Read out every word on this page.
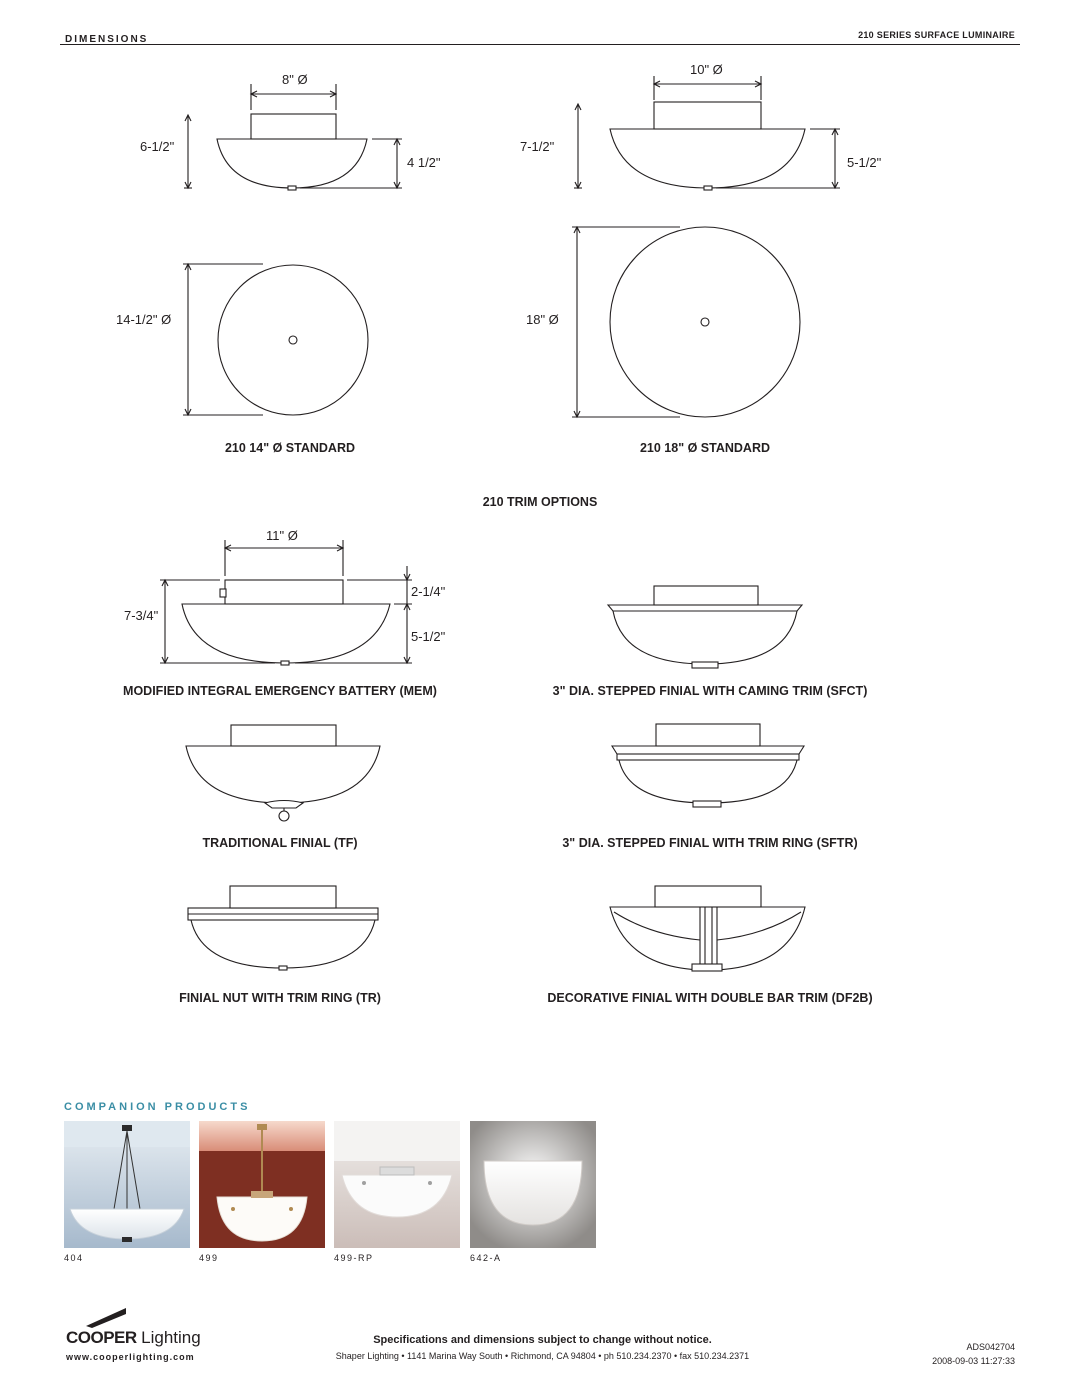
DIMENSIONS	210 SERIES SURFACE LUMINAIRE
8" Ø
6-1/2"
4 1/2"
10" Ø
7-1/2"
5-1/2"
14-1/2" Ø	18" Ø
11" Ø
7-3/4"
2-1/4"
5-1/2"
210 14" Ø STANDARD	210 18" Ø STANDARD
210 TRIM OPTIONS
MODIFIED INTEGRAL EMERGENCY BATTERY (MEM)	3" DIA. STEPPED FINIAL WITH CAMING TRIM (SFCT)
TRADITIONAL FINIAL (TF)	3" DIA. STEPPED FINIAL WITH TRIM RING (SFTR)
FINIAL NUT WITH TRIM RING (TR)	DECORATIVE FINIAL WITH DOUBLE BAR TRIM (DF2B)
COMPANION PRODUCTS
404	499	499-RP	642-A
COOPER Lighting
www.cooperlighting.com
Specifications and dimensions subject to change without notice.
Shaper Lighting • 1141 Marina Way South • Richmond, CA 94804 • ph 510.234.2370 • fax 510.234.2371
ADS042704
2008-09-03 11:27:33
